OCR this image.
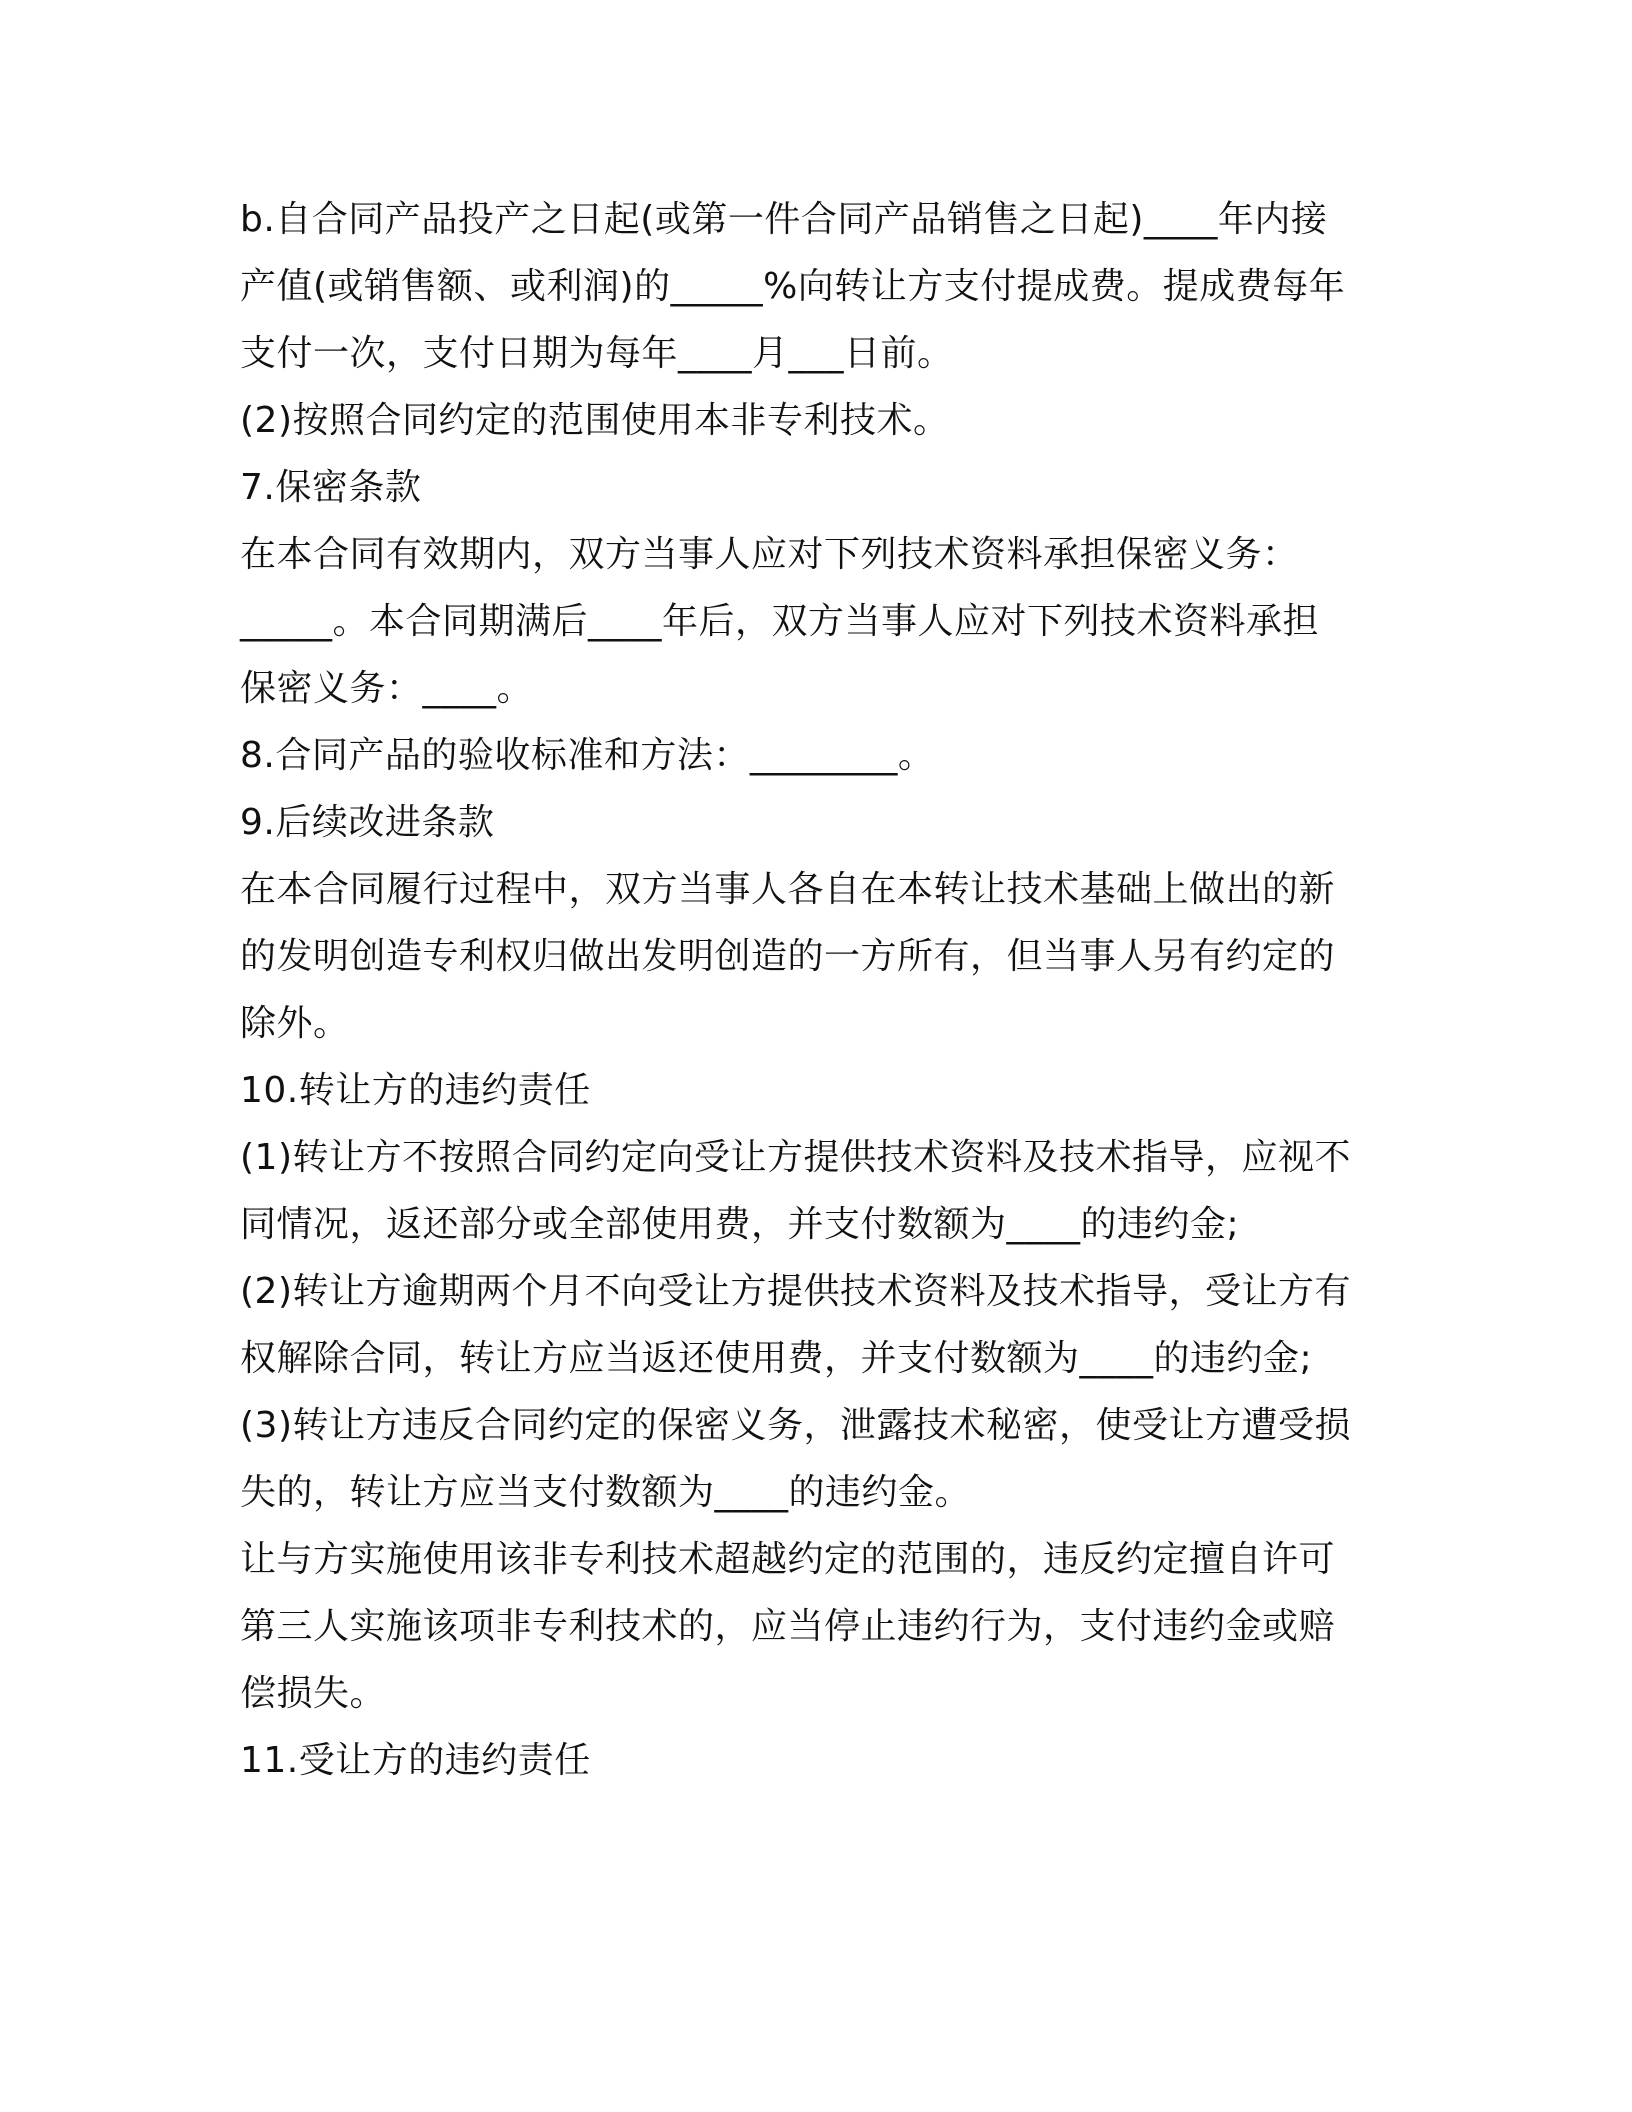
b.自合同产品投产之日起(或第一件合同产品销售之日起)____年内接
产值(或销售额、或利润)的_____%向转让方支付提成费。提成费每年
支付一次，支付日期为每年____月___日前。
(2)按照合同约定的范围使用本非专利技术。
7.保密条款
在本合同有效期内，双方当事人应对下列技术资料承担保密义务：
_____。本合同期满后____年后，双方当事人应对下列技术资料承担
保密义务：____。
8.合同产品的验收标准和方法：________。
9.后续改进条款
在本合同履行过程中，双方当事人各自在本转让技术基础上做出的新
的发明创造专利权归做出发明创造的一方所有，但当事人另有约定的
除外。
10.转让方的违约责任
(1)转让方不按照合同约定向受让方提供技术资料及技术指导，应视不
同情况，返还部分或全部使用费，并支付数额为____的违约金;
(2)转让方逾期两个月不向受让方提供技术资料及技术指导，受让方有
权解除合同，转让方应当返还使用费，并支付数额为____的违约金;
(3)转让方违反合同约定的保密义务，泄露技术秘密，使受让方遭受损
失的，转让方应当支付数额为____的违约金。
让与方实施使用该非专利技术超越约定的范围的，违反约定擅自许可
第三人实施该项非专利技术的，应当停止违约行为，支付违约金或赔
偿损失。
11.受让方的违约责任
